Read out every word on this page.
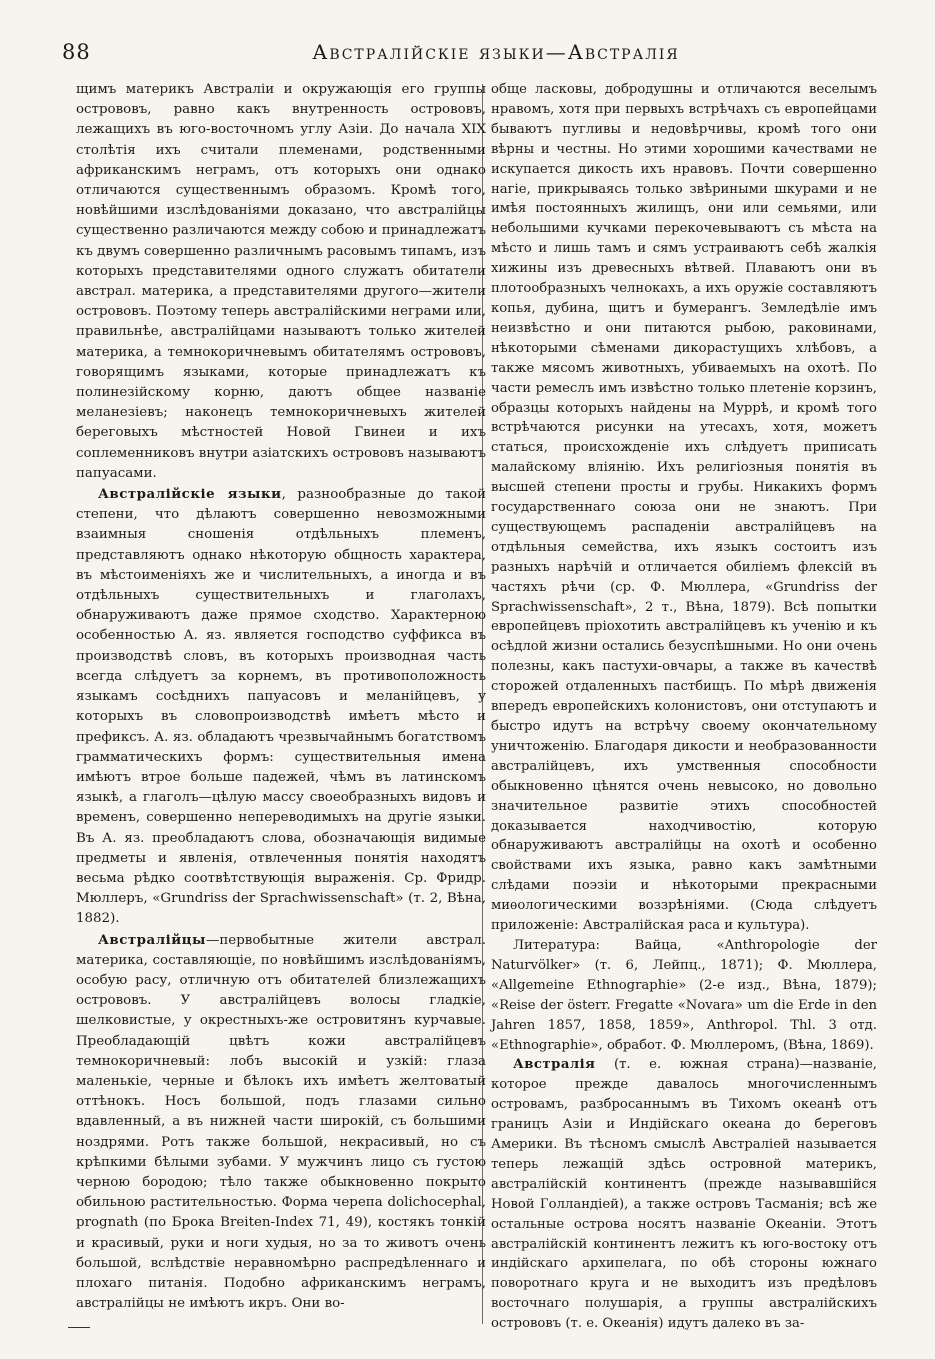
88	Австралійскіе языки—Австралія

щимъ материкъ Австраліи и окружающія его группы острововъ, равно какъ внутренность острововъ, лежащихъ въ юго-восточномъ углу Азіи. До начала XIX столѣтія ихъ считали племенами, родственными африканскимъ неграмъ, отъ которыхъ они однако отличаются существеннымъ образомъ. Кромѣ того, новѣйшими изслѣдованіями доказано, что австралійцы существенно различаются между собою и принадлежатъ къ двумъ совершенно различнымъ расовымъ типамъ, изъ которыхъ представителями одного служатъ обитатели австрал. материка, а представителями другого—жители острововъ. Поэтому теперь австралійскими неграми или, правильнѣе, австралійцами называютъ только жителей материка, а темнокоричневымъ обитателямъ острововъ, говорящимъ языками, которые принадлежатъ къ полинезійскому корню, даютъ общее названіе меланезіевъ; наконецъ темнокоричневыхъ жителей береговыхъ мѣстностей Новой Гвинеи и ихъ соплеменниковъ внутри азіатскихъ острововъ называютъ папуасами.

Австралійскіе языки, разнообразные до такой степени, что дѣлаютъ совершенно невозможными взаимныя сношенія отдѣльныхъ племенъ, представляютъ однако нѣкоторую общность характера, въ мѣстоименіяхъ же и числительныхъ, а иногда и въ отдѣльныхъ существительныхъ и глаголахъ, обнаруживаютъ даже прямое сходство. Характерною особенностью А. яз. является господство суффикса въ производствѣ словъ, въ которыхъ производная часть всегда слѣдуетъ за корнемъ, въ противоположность языкамъ сосѣднихъ папуасовъ и меланійцевъ, у которыхъ въ словопроизводствѣ имѣетъ мѣсто и префиксъ. А. яз. обладаютъ чрезвычайнымъ богатствомъ грамматическихъ формъ: существительныя имена имѣютъ втрое больше падежей, чѣмъ въ латинскомъ языкѣ, а глаголъ—цѣлую массу своеобразныхъ видовъ и временъ, совершенно непереводимыхъ на другіе языки. Въ А. яз. преобладаютъ слова, обозначающія видимые предметы и явленія, отвлеченныя понятія находятъ весьма рѣдко соотвѣтствующія выраженія. Ср. Фридр. Мюллеръ, «Grundriss der Sprachwissenschaft» (т. 2, Вѣна, 1882).

Австралійцы—первобытные жители австрал. материка, составляющіе, по новѣйшимъ изслѣдованіямъ, особую расу, отличную отъ обитателей близлежащихъ острововъ. У австралійцевъ волосы гладкіе, шелковистые, у окрестныхъ-же островитянъ курчавые. Преобладающій цвѣтъ кожи австралійцевъ темнокоричневый: лобъ высокій и узкій: глаза маленькіе, черные и бѣлокъ ихъ имѣетъ желтоватый оттѣнокъ. Носъ большой, подъ глазами сильно вдавленный, а въ нижней части широкій, съ большими ноздрями. Ротъ также большой, некрасивый, но съ крѣпкими бѣлыми зубами. У мужчинъ лицо съ густою черною бородою; тѣло также обыкновенно покрыто обильною растительностью. Форма черепа dolichocephal, prognath (по Брока Breiten-Index 71, 49), костякъ тонкій и красивый, руки и ноги худыя, но за то животъ очень большой, вслѣдствіе неравномѣрно распредѣленнаго и плохаго питанія. Подобно африканскимъ неграмъ, австралійцы не имѣютъ икръ. Они во-

обще ласковы, добродушны и отличаются веселымъ нравомъ, хотя при первыхъ встрѣчахъ съ европейцами бываютъ пугливы и недовѣрчивы, кромѣ того они вѣрны и честны. Но этими хорошими качествами не искупается дикость ихъ нравовъ. Почти совершенно нагіе, прикрываясь только звѣриными шкурами и не имѣя постоянныхъ жилищъ, они или семьями, или небольшими кучками перекочевываютъ съ мѣста на мѣсто и лишь тамъ и сямъ устраиваютъ себѣ жалкія хижины изъ древесныхъ вѣтвей. Плаваютъ они въ плотообразныхъ челнокахъ, а ихъ оружіе составляютъ копья, дубина, щитъ и бумерангъ. Земледѣліе имъ неизвѣстно и они питаются рыбою, раковинами, нѣкоторыми сѣменами дикорастущихъ хлѣбовъ, а также мясомъ животныхъ, убиваемыхъ на охотѣ. По части ремеслъ имъ извѣстно только плетеніе корзинъ, образцы которыхъ найдены на Муррѣ, и кромѣ того встрѣчаются рисунки на утесахъ, хотя, можетъ статься, происхожденіе ихъ слѣдуетъ приписать малайскому вліянію. Ихъ религіозныя понятія въ высшей степени просты и грубы. Никакихъ формъ государственнаго союза они не знаютъ. При существующемъ распаденіи австралійцевъ на отдѣльныя семейства, ихъ языкъ состоитъ изъ разныхъ нарѣчій и отличается обиліемъ флексій въ частяхъ рѣчи (ср. Ф. Мюллера, «Grundriss der Sprachwissenschaft», 2 т., Вѣна, 1879). Всѣ попытки европейцевъ пріохотить австралійцевъ къ ученію и къ осѣдлой жизни остались безуспѣшными. Но они очень полезны, какъ пастухи-овчары, а также въ качествѣ сторожей отдаленныхъ пастбищъ. По мѣрѣ движенія впередъ европейскихъ колонистовъ, они отступаютъ и быстро идутъ на встрѣчу своему окончательному уничтоженію. Благодаря дикости и необразованности австралійцевъ, ихъ умственныя способности обыкновенно цѣнятся очень невысоко, но довольно значительное развитіе этихъ способностей доказывается находчивостію, которую обнаруживаютъ австралійцы на охотѣ и особенно свойствами ихъ языка, равно какъ замѣтными слѣдами поэзіи и нѣкоторыми прекрасными миѳологическими воззрѣніями. (Сюда слѣдуетъ приложеніе: Австралійская раса и культура).

Литература: Вайца, «Anthropologie der Naturvölker» (т. 6, Лейпц., 1871); Ф. Мюллера, «Allgemeine Ethnographie» (2-е изд., Вѣна, 1879); «Reise der österr. Fregatte «Novara» um die Erde in den Jahren 1857, 1858, 1859», Anthropol. Thl. 3 отд. «Ethnographie», обработ. Ф. Мюллеромъ, (Вѣна, 1869).

Австралія (т. е. южная страна)—названіе, которое прежде давалось многочисленнымъ островамъ, разбросаннымъ въ Тихомъ океанѣ отъ границъ Азіи и Индійскаго океана до береговъ Америки. Въ тѣсномъ смыслѣ Австраліей называется теперь лежащій здѣсь островной материкъ, австралійскій континентъ (прежде называвшійся Новой Голландіей), а также островъ Тасманія; всѣ же остальные острова носятъ названіе Океаніи. Этотъ австралійскій континентъ лежитъ къ юго-востоку отъ индійскаго архипелага, по обѣ стороны южнаго поворотнаго круга и не выходитъ изъ предѣловъ восточнаго полушарія, а группы австралійскихъ острововъ (т. е. Океанія) идутъ далеко въ за-
